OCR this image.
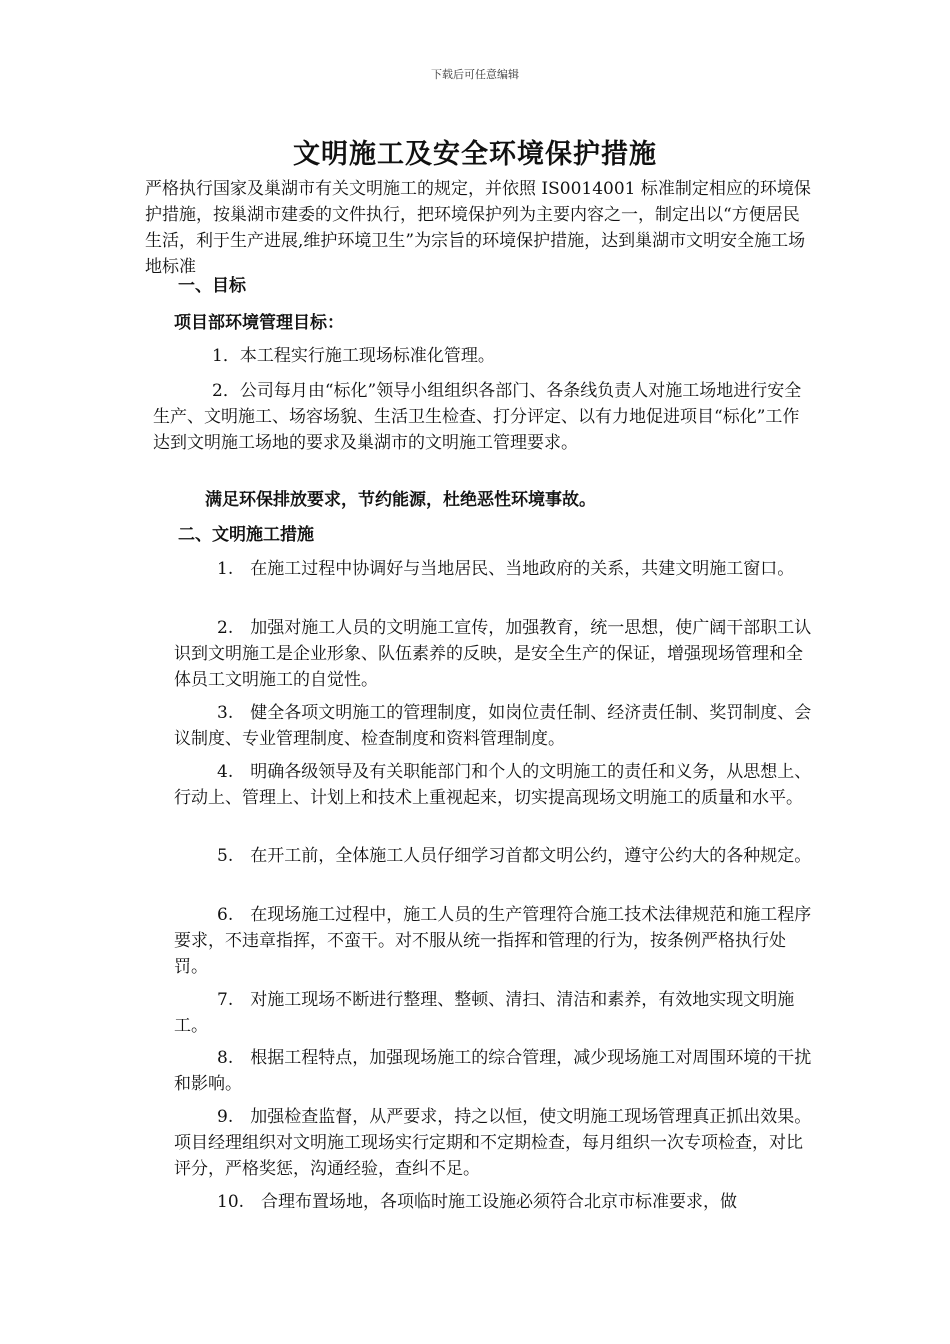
下载后可任意编辑
文明施工及安全环境保护措施

严格执行国家及巢湖市有关文明施工的规定，并依照 IS0014001 标准制定相应的环境保护措施，按巢湖市建委的文件执行，把环境保护列为主要内容之一，制定出以“方便居民生活，利于生产进展,维护环境卫生”为宗旨的环境保护措施，达到巢湖市文明安全施工场地标准

一、目标

项目部环境管理目标：

1．本工程实行施工现场标准化管理。

2．公司每月由“标化”领导小组组织各部门、各条线负责人对施工场地进行安全生产、文明施工、场容场貌、生活卫生检查、打分评定、以有力地促进项目“标化”工作达到文明施工场地的要求及巢湖市的文明施工管理要求。

满足环保排放要求，节约能源，杜绝恶性环境事故。

二、文明施工措施

1.　在施工过程中协调好与当地居民、当地政府的关系，共建文明施工窗口。

2.　加强对施工人员的文明施工宣传，加强教育，统一思想，使广阔干部职工认识到文明施工是企业形象、队伍素养的反映，是安全生产的保证，增强现场管理和全体员工文明施工的自觉性。

3.　健全各项文明施工的管理制度，如岗位责任制、经济责任制、奖罚制度、会议制度、专业管理制度、检查制度和资料管理制度。

4.　明确各级领导及有关职能部门和个人的文明施工的责任和义务，从思想上、行动上、管理上、计划上和技术上重视起来，切实提高现场文明施工的质量和水平。

5.　在开工前，全体施工人员仔细学习首都文明公约，遵守公约大的各种规定。

6.　在现场施工过程中，施工人员的生产管理符合施工技术法律规范和施工程序要求，不违章指挥，不蛮干。对不服从统一指挥和管理的行为，按条例严格执行处罚。

7.　对施工现场不断进行整理、整顿、清扫、清洁和素养，有效地实现文明施工。

8.　根据工程特点，加强现场施工的综合管理，减少现场施工对周围环境的干扰和影响。

9.　加强检查监督，从严要求，持之以恒，使文明施工现场管理真正抓出效果。项目经理组织对文明施工现场实行定期和不定期检查，每月组织一次专项检查，对比评分，严格奖惩，沟通经验，查纠不足。

10.　合理布置场地，各项临时施工设施必须符合北京市标准要求，做
